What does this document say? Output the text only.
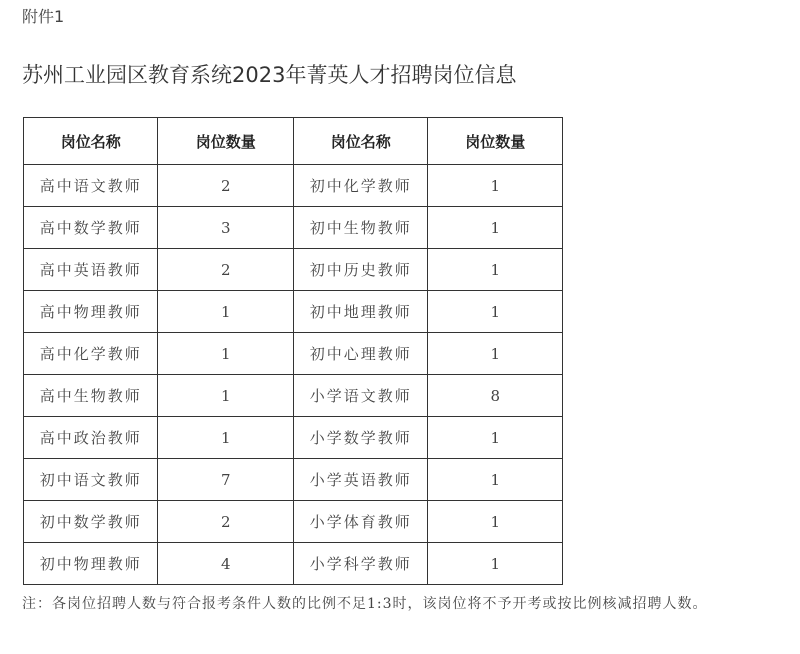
附件1
苏州工业园区教育系统2023年菁英人才招聘岗位信息
岗位名称	岗位数量	岗位名称	岗位数量
高中语文教师	2	初中化学教师	1
高中数学教师	3	初中生物教师	1
高中英语教师	2	初中历史教师	1
高中物理教师	1	初中地理教师	1
高中化学教师	1	初中心理教师	1
高中生物教师	1	小学语文教师	8
高中政治教师	1	小学数学教师	1
初中语文教师	7	小学英语教师	1
初中数学教师	2	小学体育教师	1
初中物理教师	4	小学科学教师	1
注：各岗位招聘人数与符合报考条件人数的比例不足1:3时，该岗位将不予开考或按比例核减招聘人数。
